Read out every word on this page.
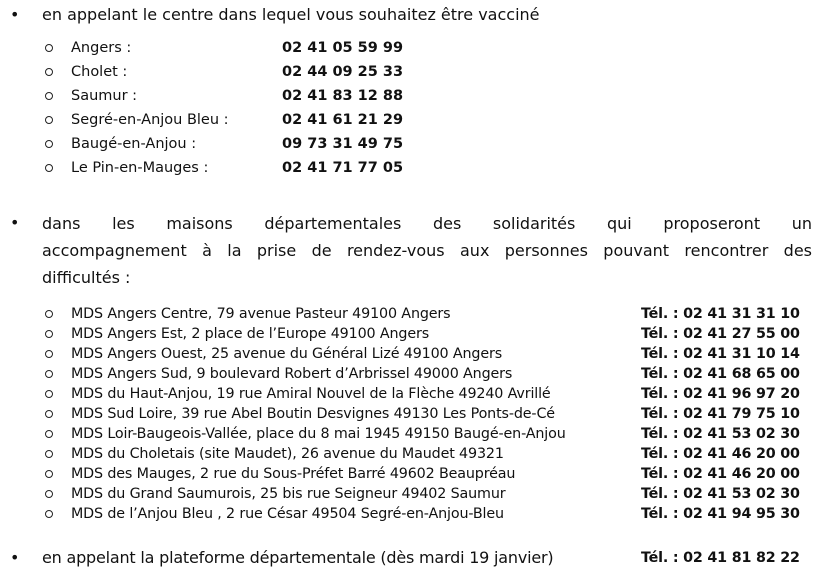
• en appelant le centre dans lequel vous souhaitez être vacciné
Angers :	02 41 05 59 99
Cholet :	02 44 09 25 33
Saumur :	02 41 83 12 88
Segré-en-Anjou Bleu :	02 41 61 21 29
Baugé-en-Anjou :	09 73 31 49 75
Le Pin-en-Mauges :	02 41 71 77 05
• dans les maisons départementales des solidarités qui proposeront un
accompagnement à la prise de rendez-vous aux personnes pouvant rencontrer des
difficultés :
MDS Angers Centre, 79 avenue Pasteur 49100 Angers	Tél. : 02 41 31 31 10
MDS Angers Est, 2 place de l’Europe 49100 Angers	Tél. : 02 41 27 55 00
MDS Angers Ouest, 25 avenue du Général Lizé 49100 Angers	Tél. : 02 41 31 10 14
MDS Angers Sud, 9 boulevard Robert d’Arbrissel 49000 Angers	Tél. : 02 41 68 65 00
MDS du Haut-Anjou, 19 rue Amiral Nouvel de la Flèche 49240 Avrillé	Tél. : 02 41 96 97 20
MDS Sud Loire, 39 rue Abel Boutin Desvignes 49130 Les Ponts-de-Cé	Tél. : 02 41 79 75 10
MDS Loir-Baugeois-Vallée, place du 8 mai 1945 49150 Baugé-en-Anjou	Tél. : 02 41 53 02 30
MDS du Choletais (site Maudet), 26 avenue du Maudet 49321	Tél. : 02 41 46 20 00
MDS des Mauges, 2 rue du Sous-Préfet Barré 49602 Beaupréau	Tél. : 02 41 46 20 00
MDS du Grand Saumurois, 25 bis rue Seigneur 49402 Saumur	Tél. : 02 41 53 02 30
MDS de l’Anjou Bleu , 2 rue César 49504 Segré-en-Anjou-Bleu	Tél. : 02 41 94 95 30
• en appelant la plateforme départementale (dès mardi 19 janvier)	Tél. : 02 41 81 82 22
